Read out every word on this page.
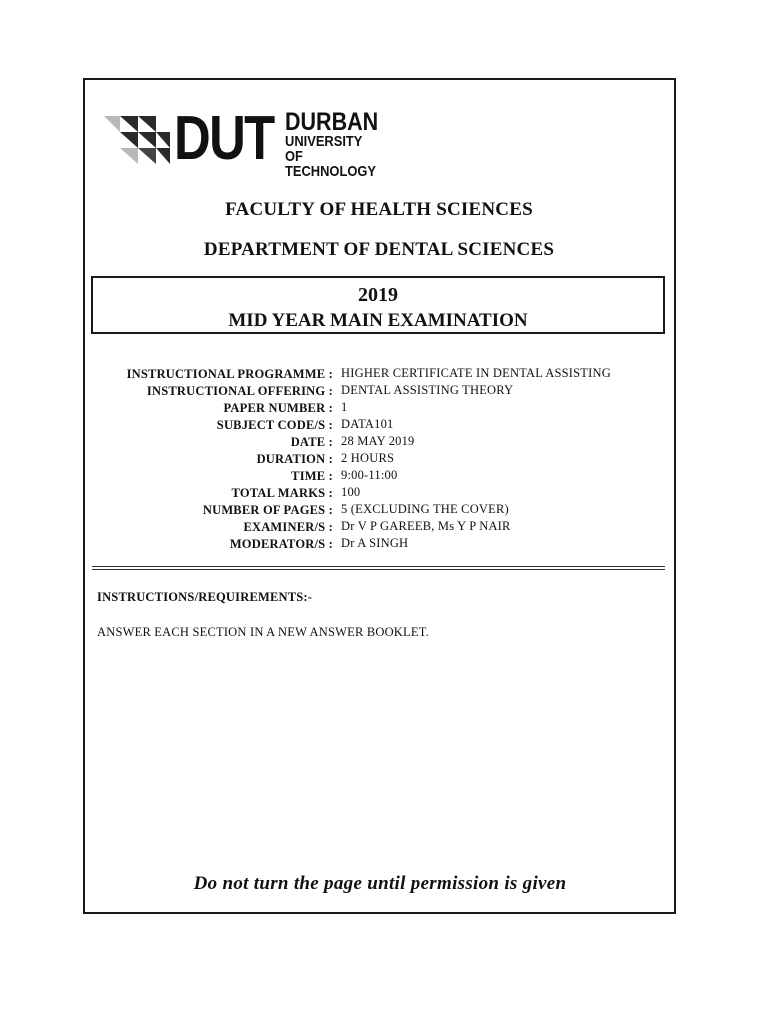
DUT DURBAN
UNIVERSITY OF
TECHNOLOGY
FACULTY OF HEALTH SCIENCES
DEPARTMENT OF DENTAL SCIENCES
2019
MID YEAR MAIN EXAMINATION
INSTRUCTIONAL PROGRAMME : HIGHER CERTIFICATE IN DENTAL ASSISTING
INSTRUCTIONAL OFFERING : DENTAL ASSISTING THEORY
PAPER NUMBER : 1
SUBJECT CODE/S : DATA101
DATE : 28 MAY 2019
DURATION : 2 HOURS
TIME : 9:00-11:00
TOTAL MARKS : 100
NUMBER OF PAGES : 5 (EXCLUDING THE COVER)
EXAMINER/S : Dr V P GAREEB, Ms Y P NAIR
MODERATOR/S : Dr A SINGH
INSTRUCTIONS/REQUIREMENTS:-
ANSWER EACH SECTION IN A NEW ANSWER BOOKLET.
Do not turn the page until permission is given
